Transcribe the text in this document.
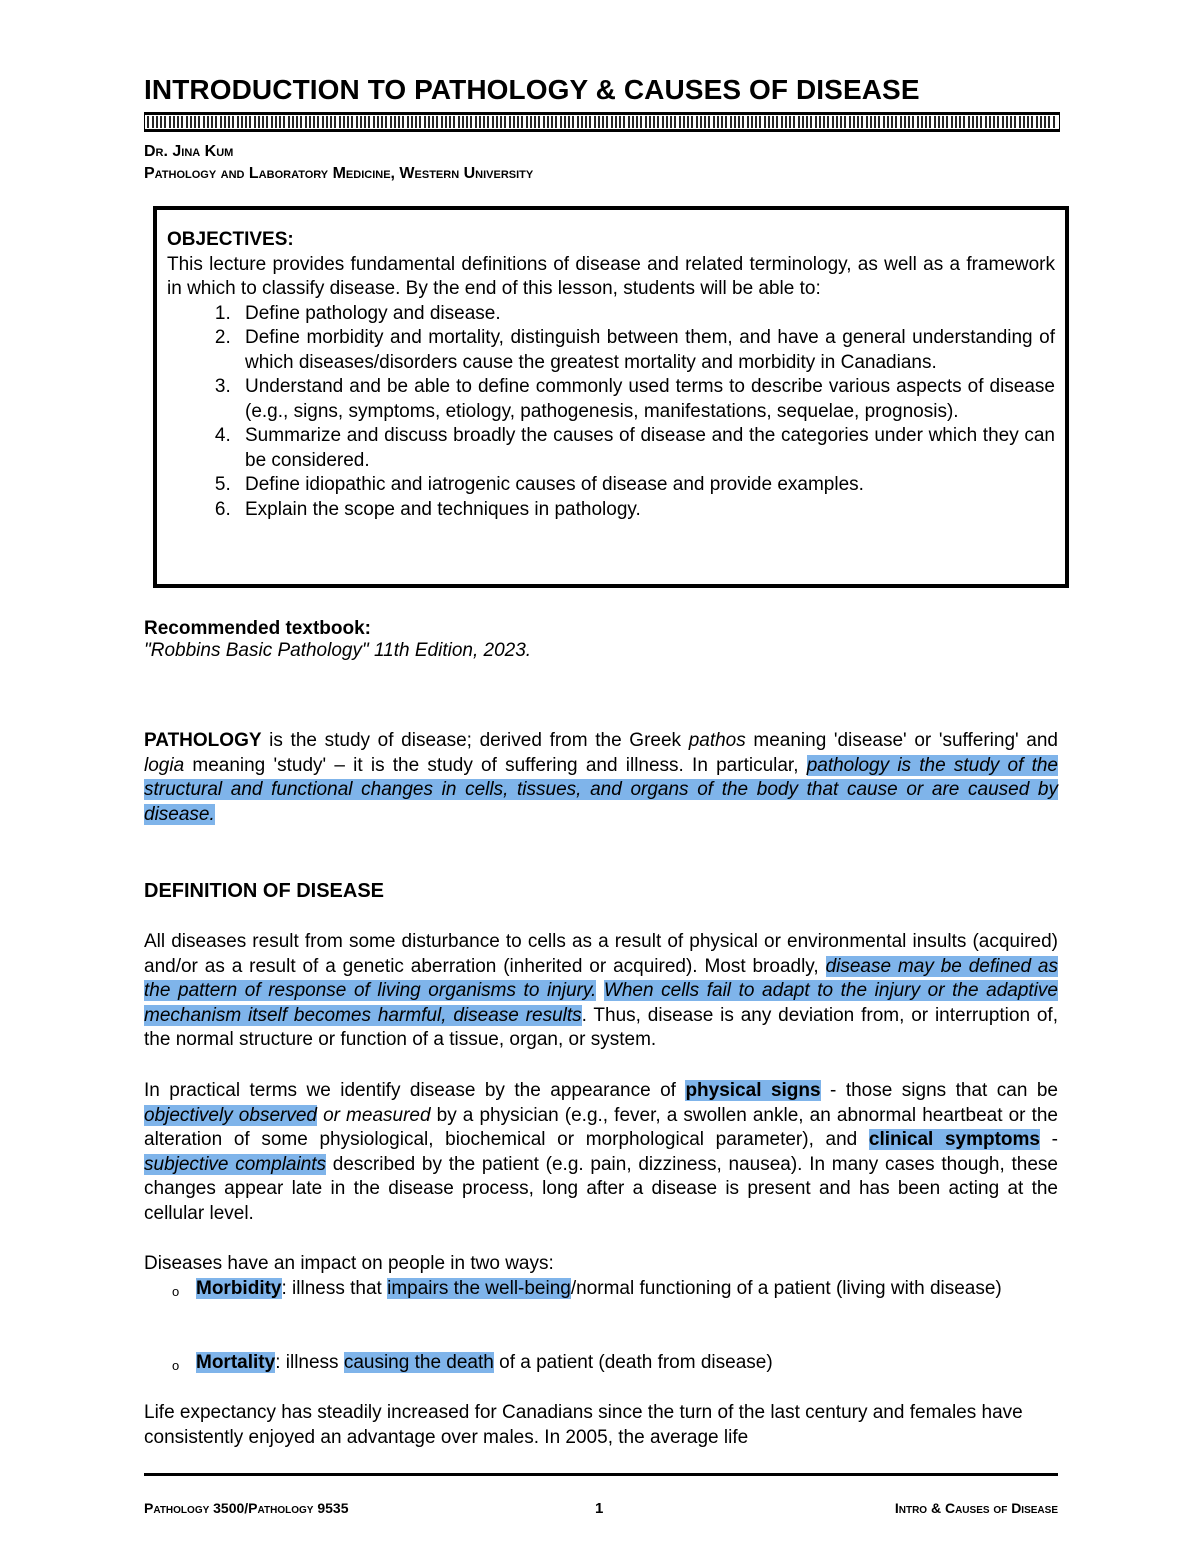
INTRODUCTION TO PATHOLOGY & CAUSES OF DISEASE
Dr. Jina Kum
Pathology and Laboratory Medicine, Western University
OBJECTIVES:
This lecture provides fundamental definitions of disease and related terminology, as well as a framework in which to classify disease. By the end of this lesson, students will be able to:
1. Define pathology and disease.
2. Define morbidity and mortality, distinguish between them, and have a general understanding of which diseases/disorders cause the greatest mortality and morbidity in Canadians.
3. Understand and be able to define commonly used terms to describe various aspects of disease (e.g., signs, symptoms, etiology, pathogenesis, manifestations, sequelae, prognosis).
4. Summarize and discuss broadly the causes of disease and the categories under which they can be considered.
5. Define idiopathic and iatrogenic causes of disease and provide examples.
6. Explain the scope and techniques in pathology.
Recommended textbook:
"Robbins Basic Pathology" 11th Edition, 2023.
PATHOLOGY is the study of disease; derived from the Greek pathos meaning 'disease' or 'suffering' and logia meaning 'study' – it is the study of suffering and illness. In particular, pathology is the study of the structural and functional changes in cells, tissues, and organs of the body that cause or are caused by disease.
DEFINITION OF DISEASE
All diseases result from some disturbance to cells as a result of physical or environmental insults (acquired) and/or as a result of a genetic aberration (inherited or acquired). Most broadly, disease may be defined as the pattern of response of living organisms to injury. When cells fail to adapt to the injury or the adaptive mechanism itself becomes harmful, disease results. Thus, disease is any deviation from, or interruption of, the normal structure or function of a tissue, organ, or system.
In practical terms we identify disease by the appearance of physical signs - those signs that can be objectively observed or measured by a physician (e.g., fever, a swollen ankle, an abnormal heartbeat or the alteration of some physiological, biochemical or morphological parameter), and clinical symptoms -subjective complaints described by the patient (e.g. pain, dizziness, nausea). In many cases though, these changes appear late in the disease process, long after a disease is present and has been acting at the cellular level.
Diseases have an impact on people in two ways:
o Morbidity: illness that impairs the well-being/normal functioning of a patient (living with disease)
o Mortality: illness causing the death of a patient (death from disease)
Life expectancy has steadily increased for Canadians since the turn of the last century and females have consistently enjoyed an advantage over males. In 2005, the average life
Pathology 3500/Pathology 9535	1	Intro & Causes of Disease
